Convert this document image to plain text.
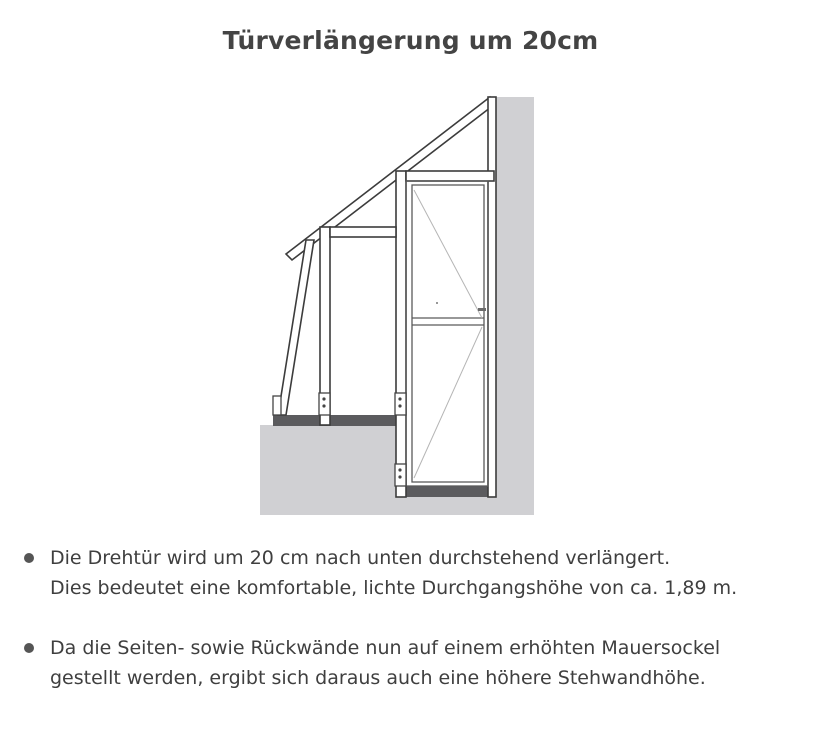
Türverlängerung um 20cm
Die Drehtür wird um 20 cm nach unten durchstehend verlängert.
Dies bedeutet eine komfortable, lichte Durchgangshöhe von ca. 1,89 m.
Da die Seiten- sowie Rückwände nun auf einem erhöhten Mauersockel
gestellt werden, ergibt sich daraus auch eine höhere Stehwandhöhe.
